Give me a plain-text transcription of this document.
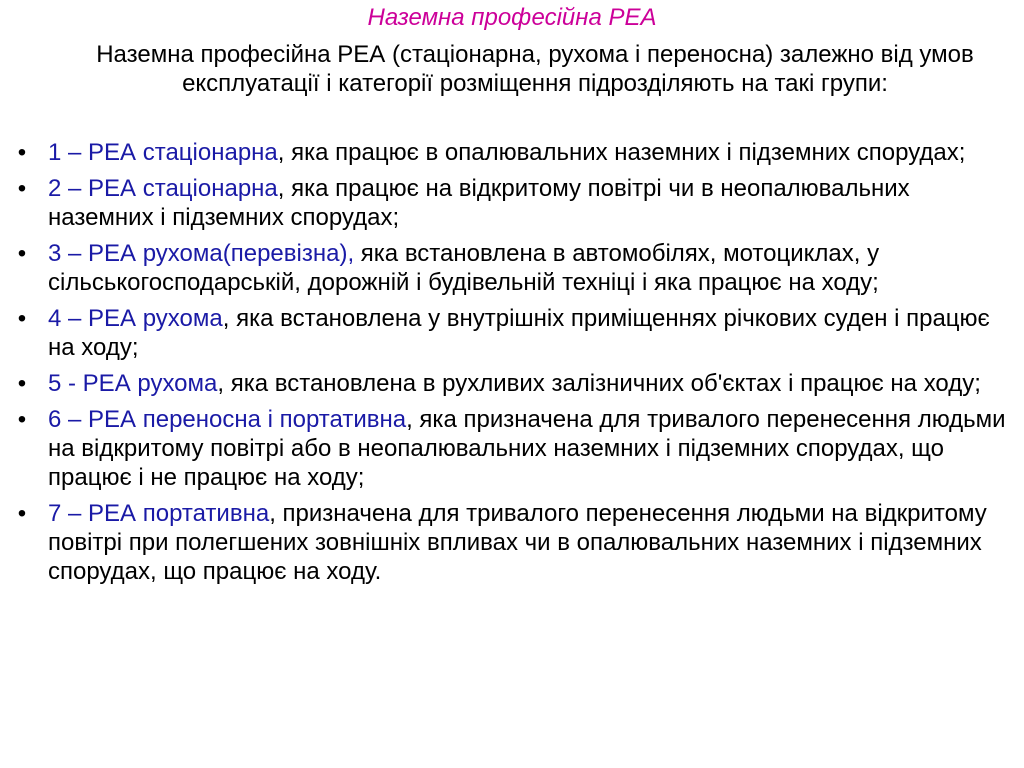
Наземна професійна РЕА

Наземна професійна РЕА (стаціонарна, рухома і переносна) залежно від умов експлуатації і категорії розміщення підрозділяють на такі групи:

• 1 – РЕА стаціонарна, яка працює в опалювальних наземних і підземних спорудах;
• 2 – РЕА стаціонарна, яка працює на відкритому повітрі чи в неопалювальних наземних і підземних спорудах;
• 3 – РЕА рухома(перевізна), яка встановлена в автомобілях, мотоциклах, у сільськогосподарській, дорожній і будівельній техніці і яка працює на ходу;
• 4 – РЕА рухома, яка встановлена у внутрішніх приміщеннях річкових суден і працює на ходу;
• 5 - РЕА рухома, яка встановлена в рухливих залізничних об'єктах і працює на ходу;
• 6 – РЕА переносна і портативна, яка призначена для тривалого перенесення людьми на відкритому повітрі або в неопалювальних наземних і підземних спорудах, що працює і не працює на ходу;
• 7 – РЕА портативна, призначена для тривалого перенесення людьми на відкритому повітрі при полегшених зовнішніх впливах чи в опалювальних наземних і підземних спорудах, що працює на ходу.
